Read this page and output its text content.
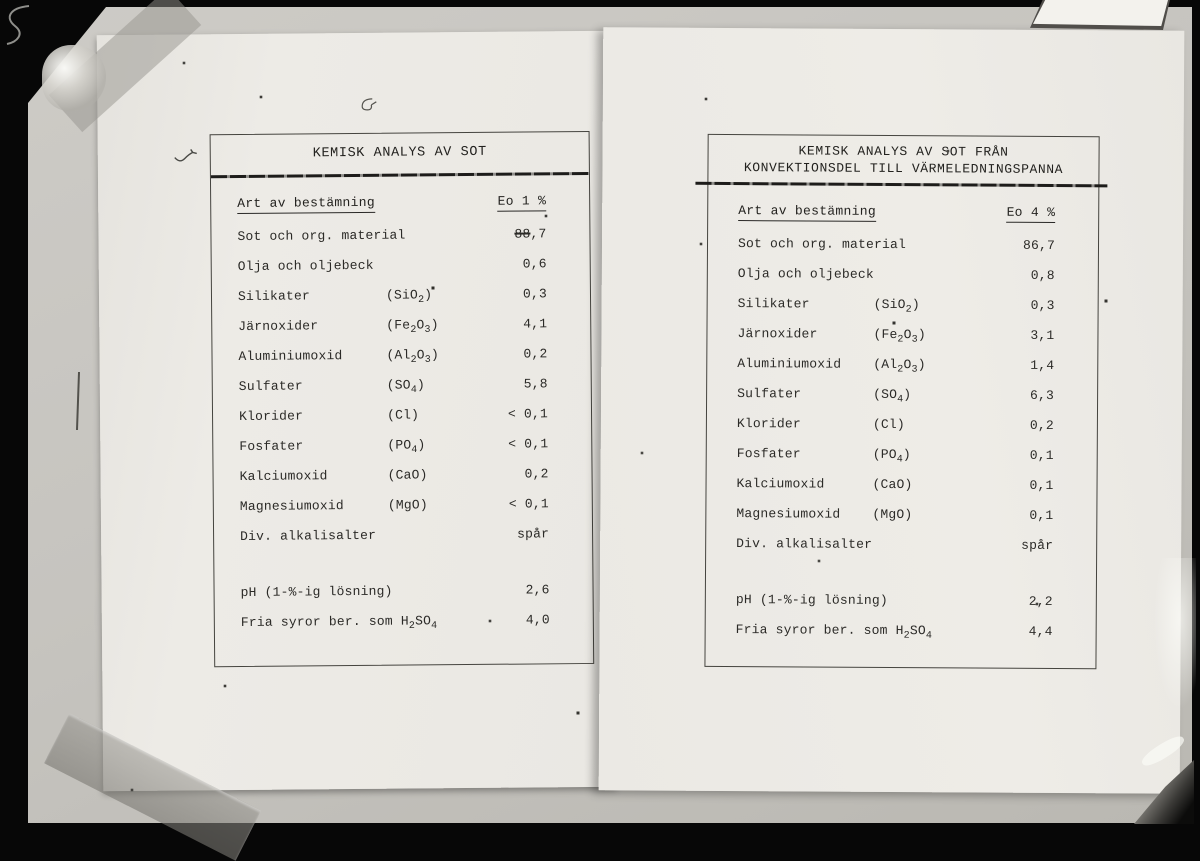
KEMISK ANALYS AV SOT
Art av bestämning	Eo 1 %
Sot och org. material	88,7
Olja och oljebeck	0,6
Silikater	(SiO$_2$)	0,3
Järnoxider	$(Fe_2O_3)$	4,1
Aluminiumoxid	$(Al_2O_3)$	0,2
Sulfater	$(SO_4)$	5,8
Klorider	(Cl)	< 0,1
Fosfater	$(PO_4)$	< 0,1
Kalciumoxid	(CaO)	0,2
Magnesiumoxid	(MgO)	< 0,1
Div. alkalisalter	spår
pH (1-%-ig lösning)	2,6
Fria syror ber. som $H_2SO_4$	4,0
KEMISK ANALYS AV SOT FRÅN
KONVEKTIONSDEL TILL VÄRMELEDNINGSPANNA
Art av bestämning	Eo 4 %
Sot och org. material	86,7
Olja och oljebeck	0,8
Silikater	(SiO$_2$)	0,3
Järnoxider	$(Fe_2O_3)$	3,1
Aluminiumoxid	$(Al_2O_3)$	1,4
Sulfater	$(SO_4)$	6,3
Klorider	(Cl)	0,2
Fosfater	$(PO_4)$	0,1
Kalciumoxid	(CaO)	0,1
Magnesiumoxid	(MgO)	0,1
Div. alkalisalter	spår
pH (1-%-ig lösning)	2,2
Fria syror ber. som $H_2SO_4$	4,4
